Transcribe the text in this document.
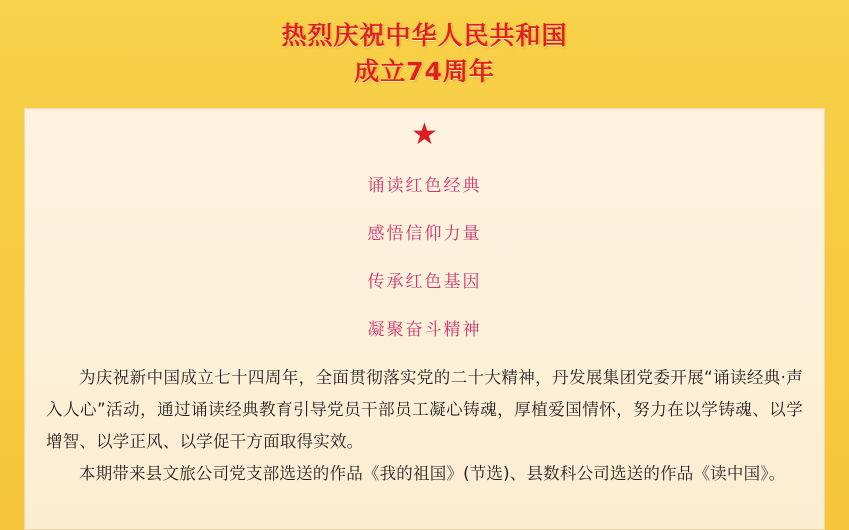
热烈庆祝中华人民共和国
成立74周年
★
诵读红色经典
感悟信仰力量
传承红色基因
凝聚奋斗精神

为庆祝新中国成立七十四周年，全面贯彻落实党的二十大精神，丹发展集团党委开展“诵读经典·声入人心”活动，通过诵读经典教育引导党员干部员工凝心铸魂，厚植爱国情怀，努力在以学铸魂、以学增智、以学正风、以学促干方面取得实效。

本期带来县文旅公司党支部选送的作品《我的祖国》(节选)、县数科公司选送的作品《读中国》。
